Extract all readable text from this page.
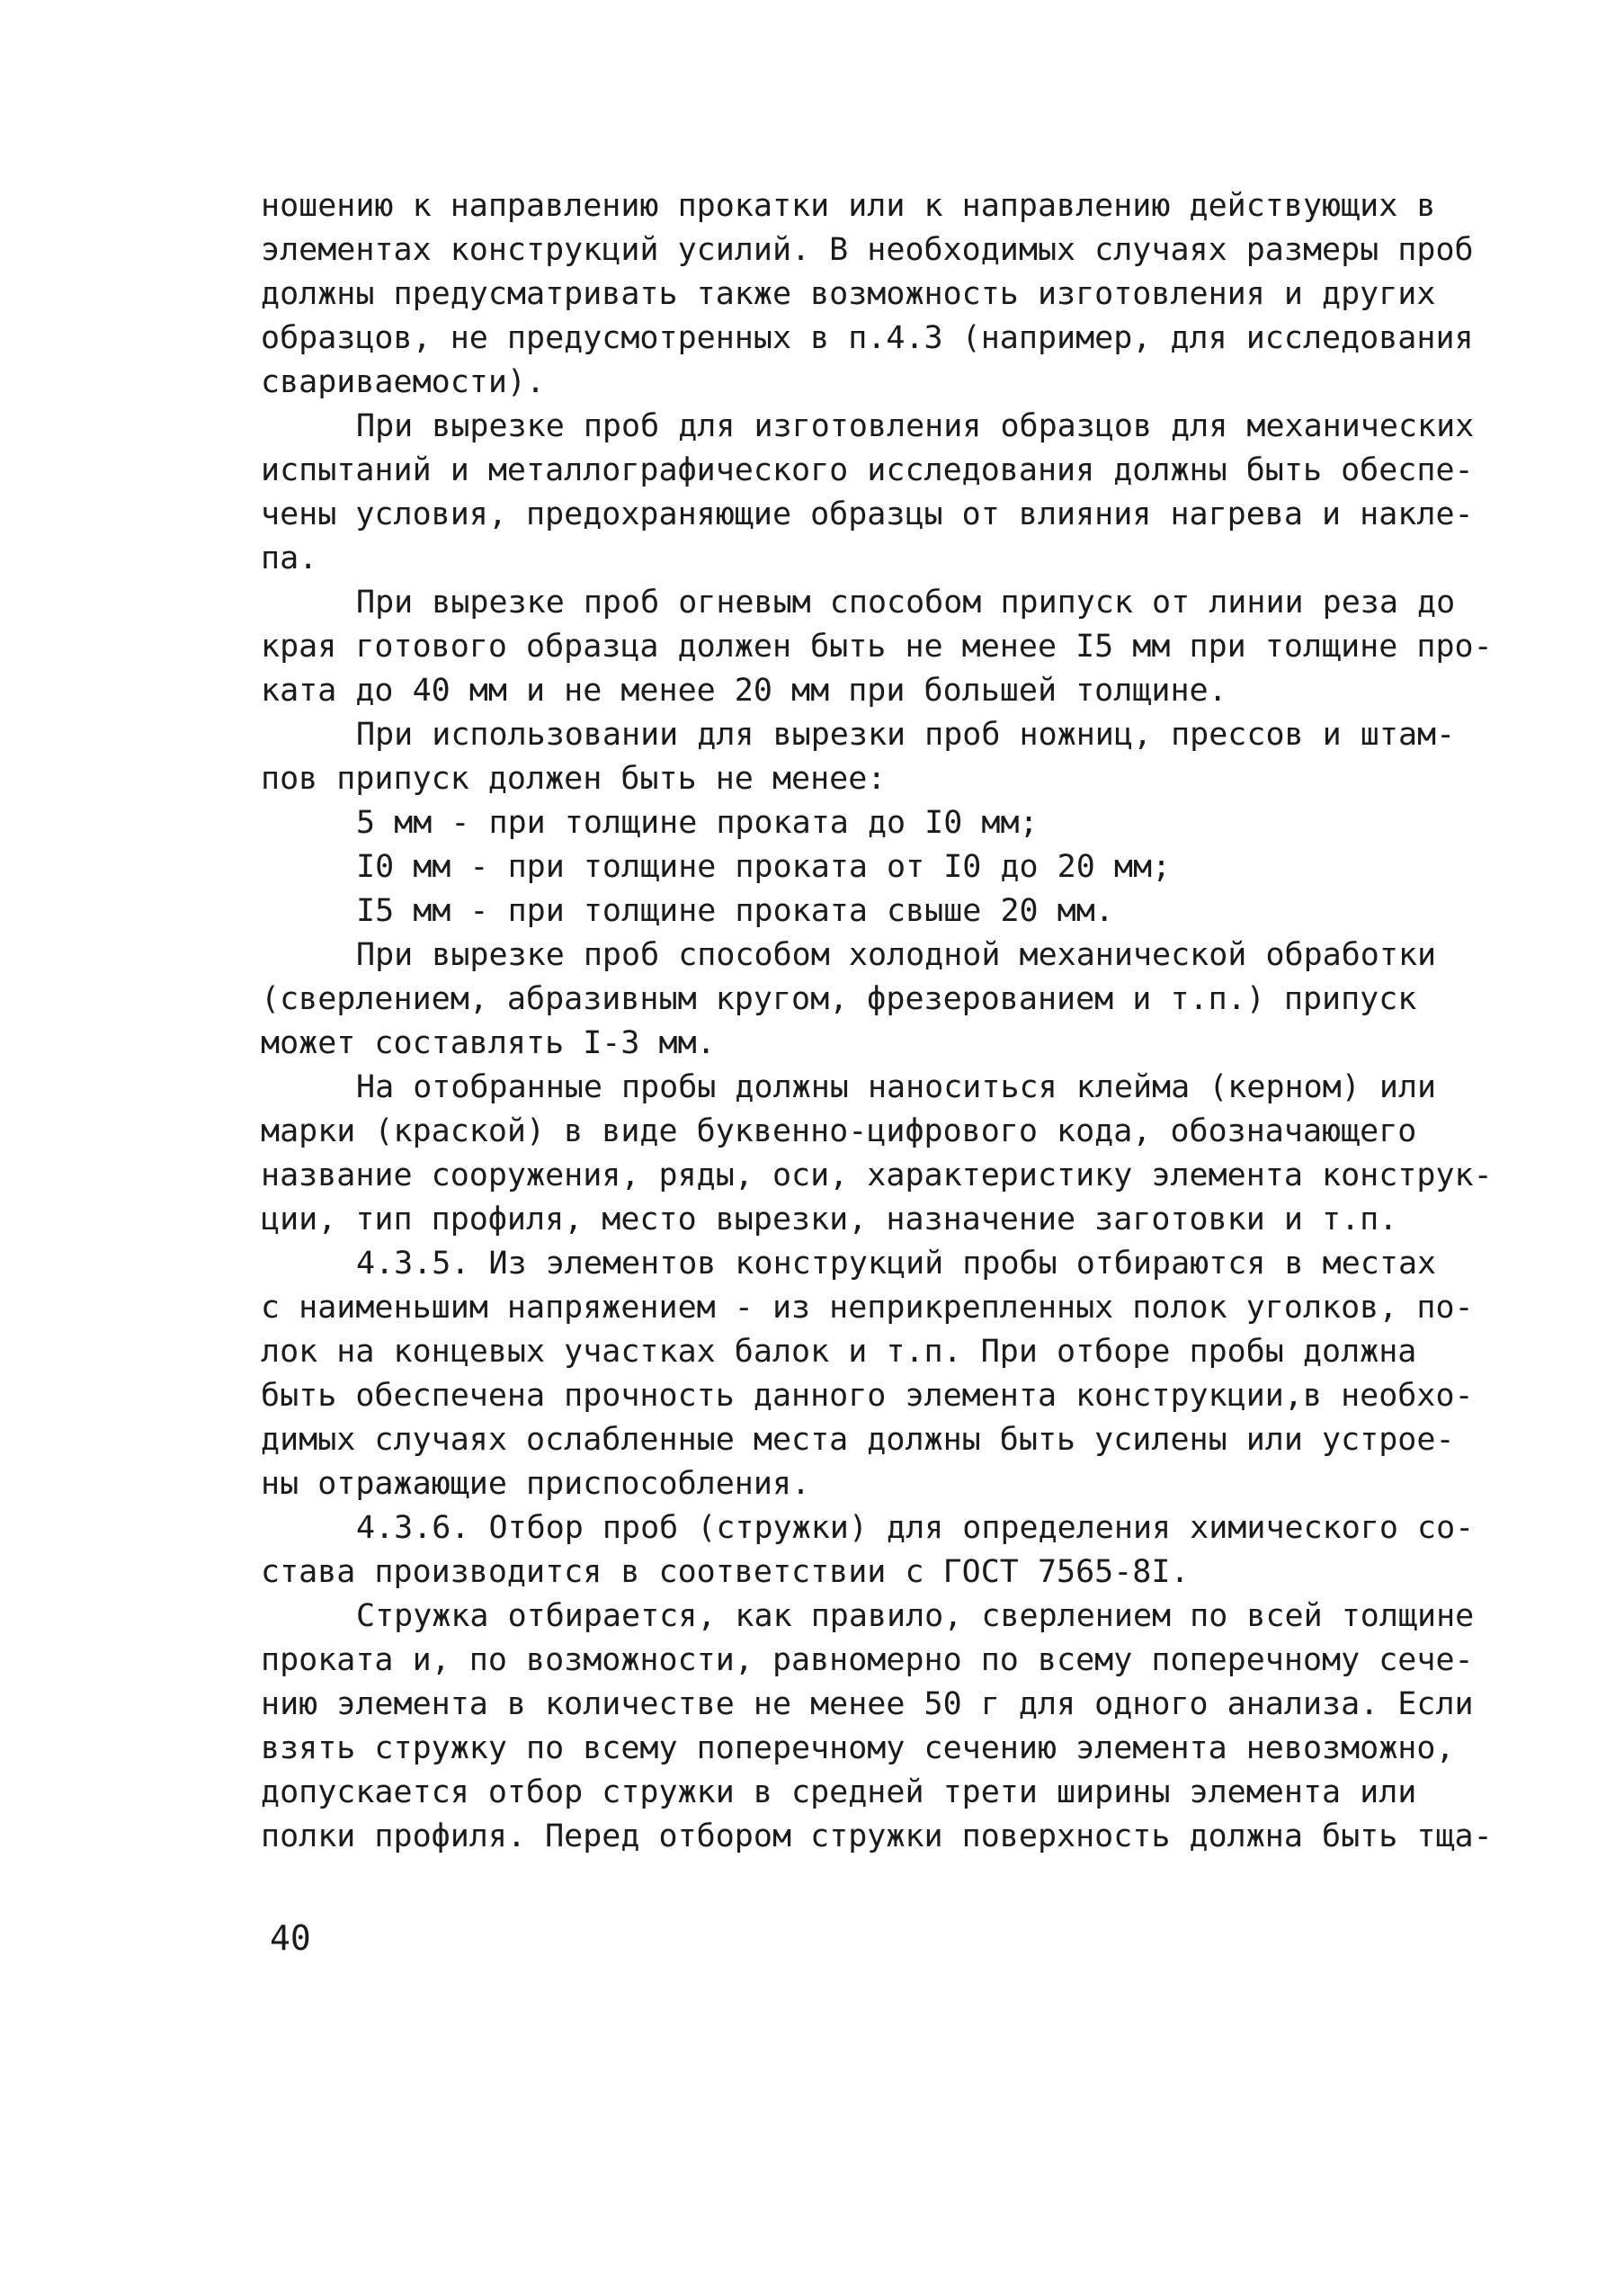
ношению к направлению прокатки или к направлению действующих в
элементах конструкций усилий. В необходимых случаях размеры проб
должны предусматривать также возможность изготовления и других
образцов, не предусмотренных в п.4.3 (например, для исследования
свариваемости).
При вырезке проб для изготовления образцов для механических
испытаний и металлографического исследования должны быть обеспе-
чены условия, предохраняющие образцы от влияния нагрева и накле-
па.
При вырезке проб огневым способом припуск от линии реза до
края готового образца должен быть не менее I5 мм при толщине про-
ката до 40 мм и не менее 20 мм при большей толщине.
При использовании для вырезки проб ножниц, прессов и штам-
пов припуск должен быть не менее:
5 мм - при толщине проката до I0 мм;
I0 мм - при толщине проката от I0 до 20 мм;
I5 мм - при толщине проката свыше 20 мм.
При вырезке проб способом холодной механической обработки
(сверлением, абразивным кругом, фрезерованием и т.п.) припуск
может составлять I-3 мм.
На отобранные пробы должны наноситься клейма (керном) или
марки (краской) в виде буквенно-цифрового кода, обозначающего
название сооружения, ряды, оси, характеристику элемента конструк-
ции, тип профиля, место вырезки, назначение заготовки и т.п.
4.3.5. Из элементов конструкций пробы отбираются в местах
с наименьшим напряжением - из неприкрепленных полок уголков, по-
лок на концевых участках балок и т.п. При отборе пробы должна
быть обеспечена прочность данного элемента конструкции,в необхо-
димых случаях ослабленные места должны быть усилены или устрое-
ны отражающие приспособления.
4.3.6. Отбор проб (стружки) для определения химического со-
става производится в соответствии с ГОСТ 7565-8I.
Стружка отбирается, как правило, сверлением по всей толщине
проката и, по возможности, равномерно по всему поперечному сече-
нию элемента в количестве не менее 50 г для одного анализа. Если
взять стружку по всему поперечному сечению элемента невозможно,
допускается отбор стружки в средней трети ширины элемента или
полки профиля. Перед отбором стружки поверхность должна быть тща-
40
